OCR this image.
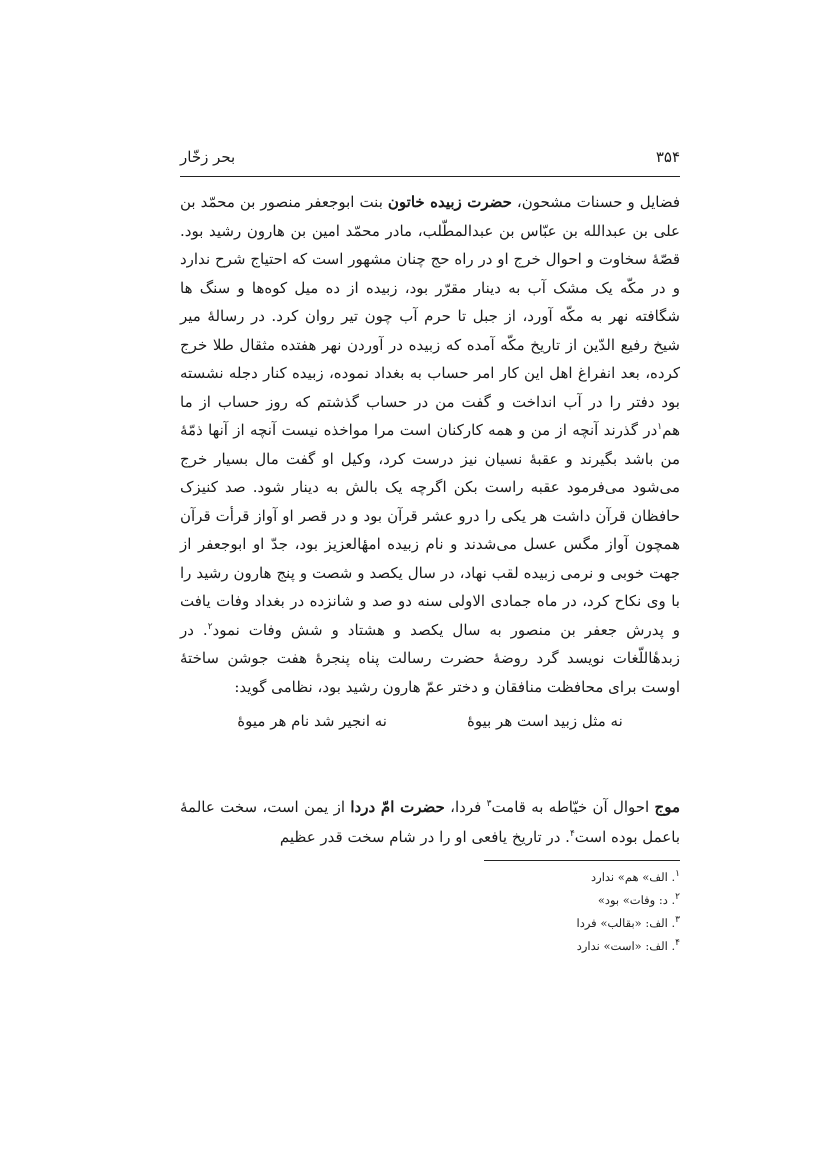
۳۵۴
بحر زخّار

فضایل و حسنات مشحون، حضرت زبیده خاتون بنت ابوجعفر منصور بن محمّد بن علی بن عبدالله بن عبّاس بن عبدالمطّلب، مادر محمّد امین بن هارون رشید بود. قصّهٔ سخاوت و احوال خرج او در راه حج چنان مشهور است که احتیاج شرح ندارد و در مکّه یک مشک آب به دینار مقرّر بود، زبیده از ده میل کوه‌ها و سنگ ها شگافته نهر به مکّه آورد، از جبل تا حرم آب چون تیر روان کرد. در رسالهٔ میر شیخ رفیع الدّین از تاریخ مکّه آمده که زبیده در آوردن نهر هفتده مثقال طلا خرج کرده، بعد انفراغ اهل این کار امر حساب به بغداد نموده، زبیده کنار دجله نشسته بود دفتر را در آب انداخت و گفت من در حساب گذشتم که روز حساب از ما هم$^۱$در گذرند آنچه از من و همه کارکنان است مرا مواخذه نیست آنچه از آنها ذمّهٔ من باشد بگیرند و عقبهٔ نسیان نیز درست کرد، وکیل او گفت مال بسیار خرج می‌شود می‌فرمود عقبه راست بکن اگرچه یک بالش به دینار شود. صد کنیزک حافظان قرآن داشت هر یکی را درو عشر قرآن بود و در قصر او آواز قرأت قرآن همچون آواز مگس عسل می‌شدند و نام زبیده امهٔالعزیز بود، جدّ او ابوجعفر از جهت خوبی و نرمی زبیده لقب نهاد، در سال یکصد و شصت و پنج هارون رشید را با وی نکاح کرد، در ماه جمادی الاولی سنه دو صد و شانزده در بغداد وفات یافت و پدرش جعفر بن منصور به سال یکصد و هشتاد و شش وفات نمود$^۲$. در زبدهٔاللّغات نویسد گرد روضهٔ حضرت رسالت پناه پنجرهٔ هفت جوشن ساختهٔ اوست برای محافظت منافقان و دختر عمّ هارون رشید بود، نظامی گوید:

نه مثل زبید است هر بیوهٔ
نه انجیر شد نام هر میوهٔ

موج احوال آن خیّاطه به قامت$^۳$ فردا، حضرت امّ دردا از یمن است، سخت عالمهٔ باعمل بوده است$^۴$. در تاریخ یافعی او را در شام سخت قدر عظیم

$^۱$. الف» هم» ندارد
$^۲$. د: وفات» بود»
$^۳$. الف: «بقالب» فردا
$^۴$. الف: «است» ندارد
